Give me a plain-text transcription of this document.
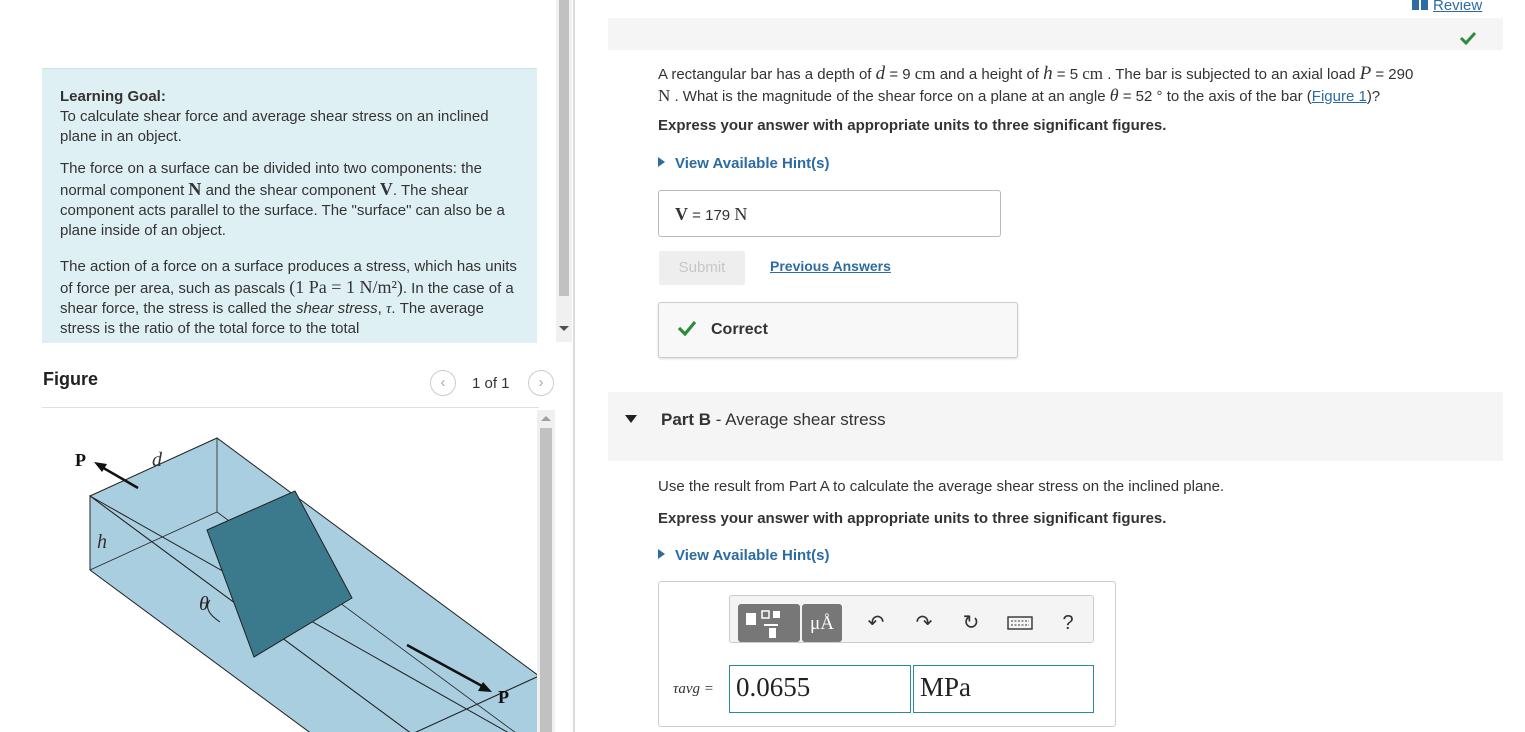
Learning Goal:
To calculate shear force and average shear stress on an inclined plane in an object.

The force on a surface can be divided into two components: the normal component N and the shear component V. The shear component acts parallel to the surface. The "surface" can also be a plane inside of an object.

The action of a force on a surface produces a stress, which has units of force per area, such as pascals (1 Pa = 1 N/m²). In the case of a shear force, the stress is called the shear stress, τ. The average stress is the ratio of the total force to the total

Figure	‹	1 of 1	›
P	d
h
θ
P
Review
A rectangular bar has a depth of d = 9 cm and a height of h = 5 cm . The bar is subjected to an axial load P = 290
N . What is the magnitude of the shear force on a plane at an angle θ = 52 ° to the axis of the bar (Figure 1)?
Express your answer with appropriate units to three significant figures.
View Available Hint(s)
V = 179 N
Submit	Previous Answers
Correct
Part B - Average shear stress
Use the result from Part A to calculate the average shear stress on the inclined plane.
Express your answer with appropriate units to three significant figures.
View Available Hint(s)
μÅ	↶ ↷ ↻	?
τavg = 0.0655	MPa
